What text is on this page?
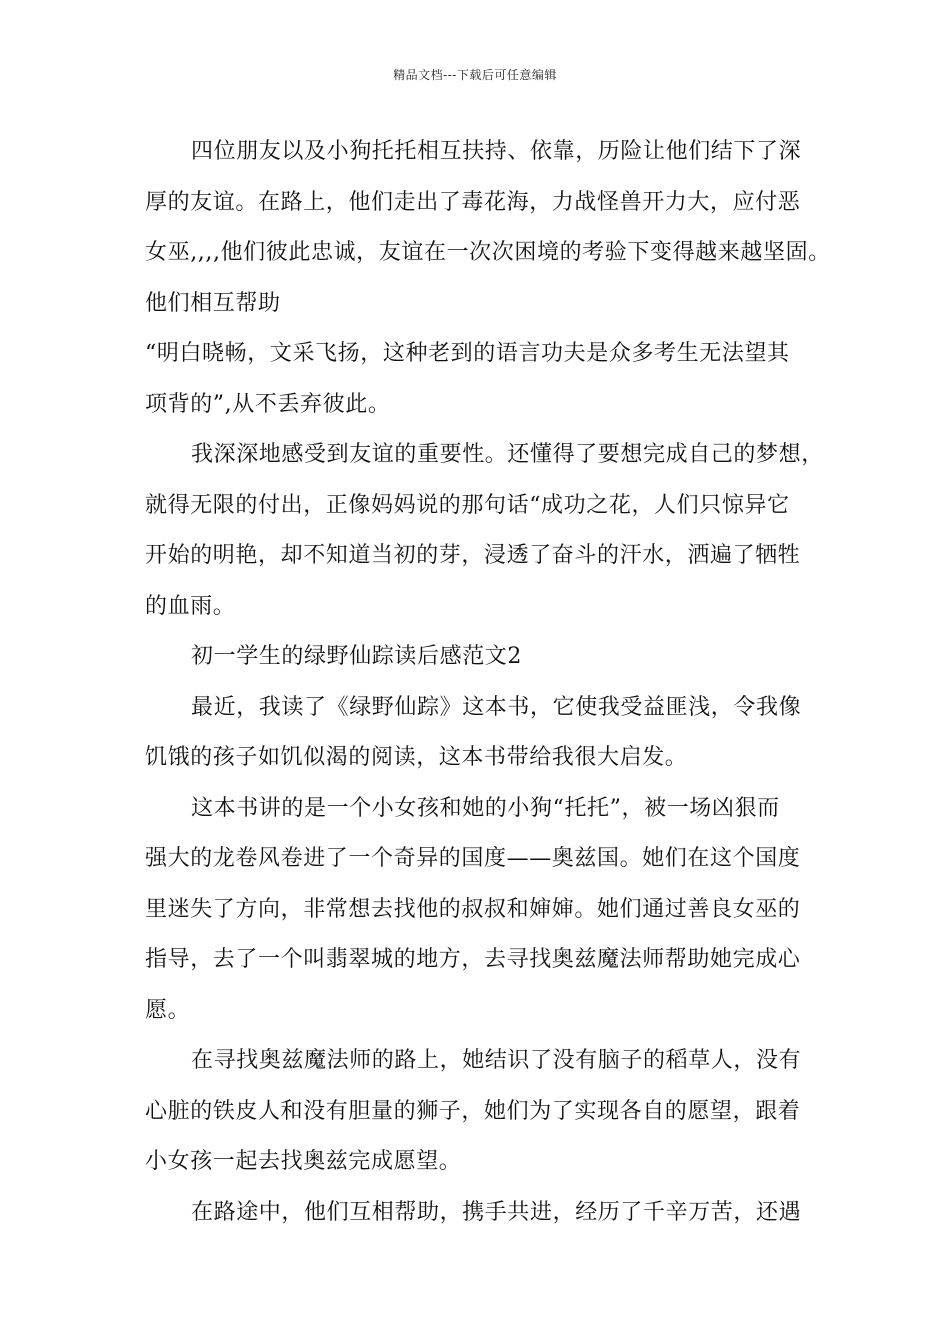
精品文档---下载后可任意编辑
四位朋友以及小狗托托相互扶持、依靠，历险让他们结下了深
厚的友谊。在路上，他们走出了毒花海，力战怪兽开力大，应付恶
女巫,,,,他们彼此忠诚，友谊在一次次困境的考验下变得越来越坚固。
他们相互帮助
“明白晓畅，文采飞扬，这种老到的语言功夫是众多考生无法望其
项背的”,从不丢弃彼此。
我深深地感受到友谊的重要性。还懂得了要想完成自己的梦想，
就得无限的付出，正像妈妈说的那句话“成功之花，人们只惊异它
开始的明艳，却不知道当初的芽，浸透了奋斗的汗水，洒遍了牺牲
的血雨。
初一学生的绿野仙踪读后感范文2
最近，我读了《绿野仙踪》这本书，它使我受益匪浅，令我像
饥饿的孩子如饥似渴的阅读，这本书带给我很大启发。
这本书讲的是一个小女孩和她的小狗“托托”，被一场凶狠而
强大的龙卷风卷进了一个奇异的国度——奥兹国。她们在这个国度
里迷失了方向，非常想去找他的叔叔和婶婶。她们通过善良女巫的
指导，去了一个叫翡翠城的地方，去寻找奥兹魔法师帮助她完成心
愿。
在寻找奥兹魔法师的路上，她结识了没有脑子的稻草人，没有
心脏的铁皮人和没有胆量的狮子，她们为了实现各自的愿望，跟着
小女孩一起去找奥兹完成愿望。
在路途中，他们互相帮助，携手共进，经历了千辛万苦，还遇
